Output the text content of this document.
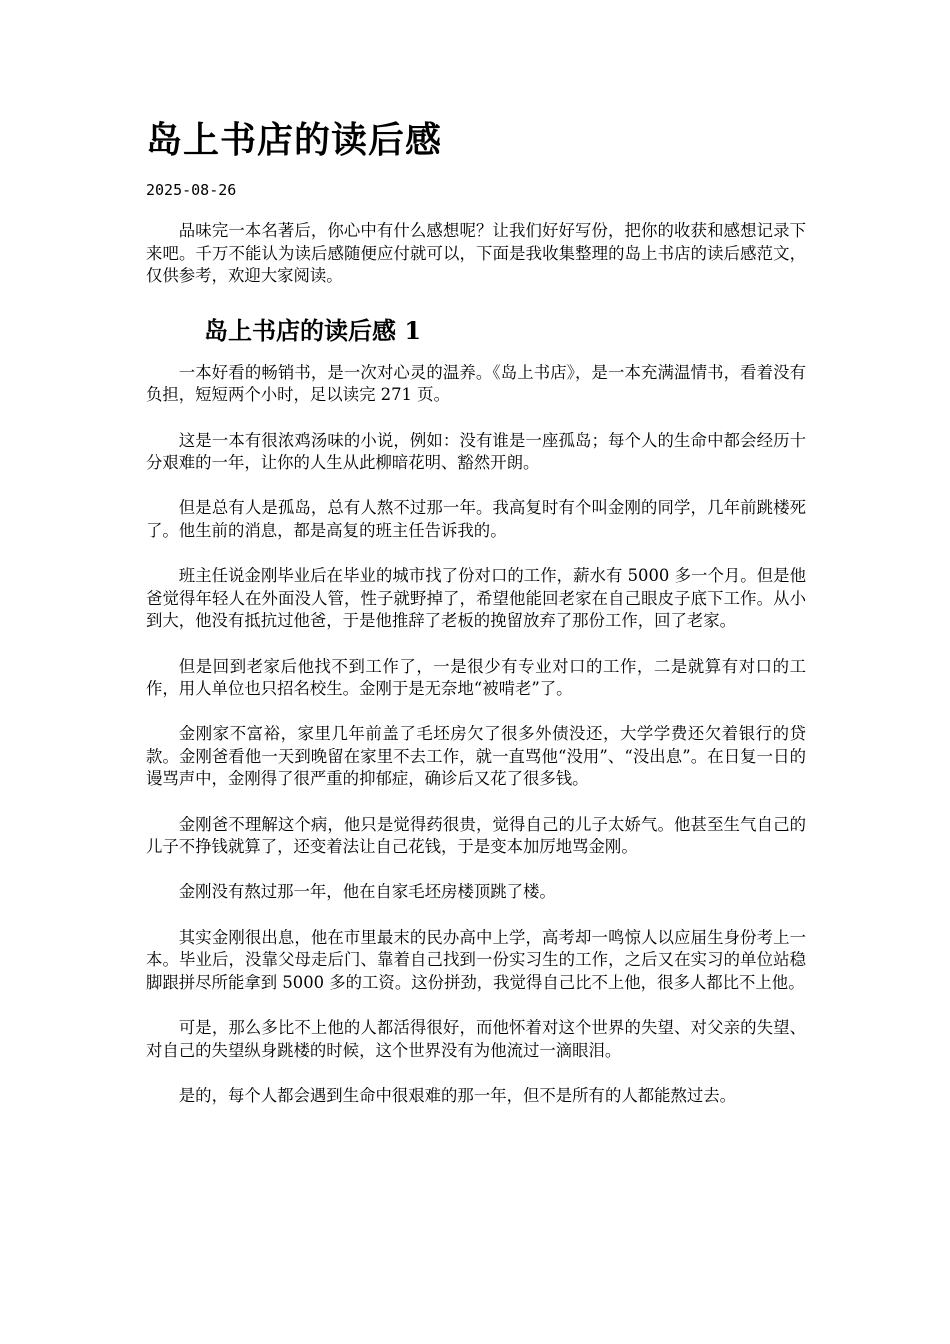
岛上书店的读后感
2025-08-26

品味完一本名著后，你心中有什么感想呢？让我们好好写份，把你的收获和感想记录下来吧。千万不能认为读后感随便应付就可以，下面是我收集整理的岛上书店的读后感范文，仅供参考，欢迎大家阅读。

岛上书店的读后感 1

一本好看的畅销书，是一次对心灵的温养。《岛上书店》，是一本充满温情书，看着没有负担，短短两个小时，足以读完 271 页。

这是一本有很浓鸡汤味的小说，例如：没有谁是一座孤岛；每个人的生命中都会经历十分艰难的一年，让你的人生从此柳暗花明、豁然开朗。

但是总有人是孤岛，总有人熬不过那一年。我高复时有个叫金刚的同学，几年前跳楼死了。他生前的消息，都是高复的班主任告诉我的。

班主任说金刚毕业后在毕业的城市找了份对口的工作，薪水有 5000 多一个月。但是他爸觉得年轻人在外面没人管，性子就野掉了，希望他能回老家在自己眼皮子底下工作。从小到大，他没有抵抗过他爸，于是他推辞了老板的挽留放弃了那份工作，回了老家。

但是回到老家后他找不到工作了，一是很少有专业对口的工作，二是就算有对口的工作，用人单位也只招名校生。金刚于是无奈地“被啃老”了。

金刚家不富裕，家里几年前盖了毛坯房欠了很多外债没还，大学学费还欠着银行的贷款。金刚爸看他一天到晚留在家里不去工作，就一直骂他“没用”、“没出息”。在日复一日的谩骂声中，金刚得了很严重的抑郁症，确诊后又花了很多钱。

金刚爸不理解这个病，他只是觉得药很贵，觉得自己的儿子太娇气。他甚至生气自己的儿子不挣钱就算了，还变着法让自己花钱，于是变本加厉地骂金刚。

金刚没有熬过那一年，他在自家毛坯房楼顶跳了楼。

其实金刚很出息，他在市里最末的民办高中上学，高考却一鸣惊人以应届生身份考上一本。毕业后，没靠父母走后门、靠着自己找到一份实习生的工作，之后又在实习的单位站稳脚跟拼尽所能拿到 5000 多的工资。这份拼劲，我觉得自己比不上他，很多人都比不上他。

可是，那么多比不上他的人都活得很好，而他怀着对这个世界的失望、对父亲的失望、对自己的失望纵身跳楼的时候，这个世界没有为他流过一滴眼泪。

是的，每个人都会遇到生命中很艰难的那一年，但不是所有的人都能熬过去。
